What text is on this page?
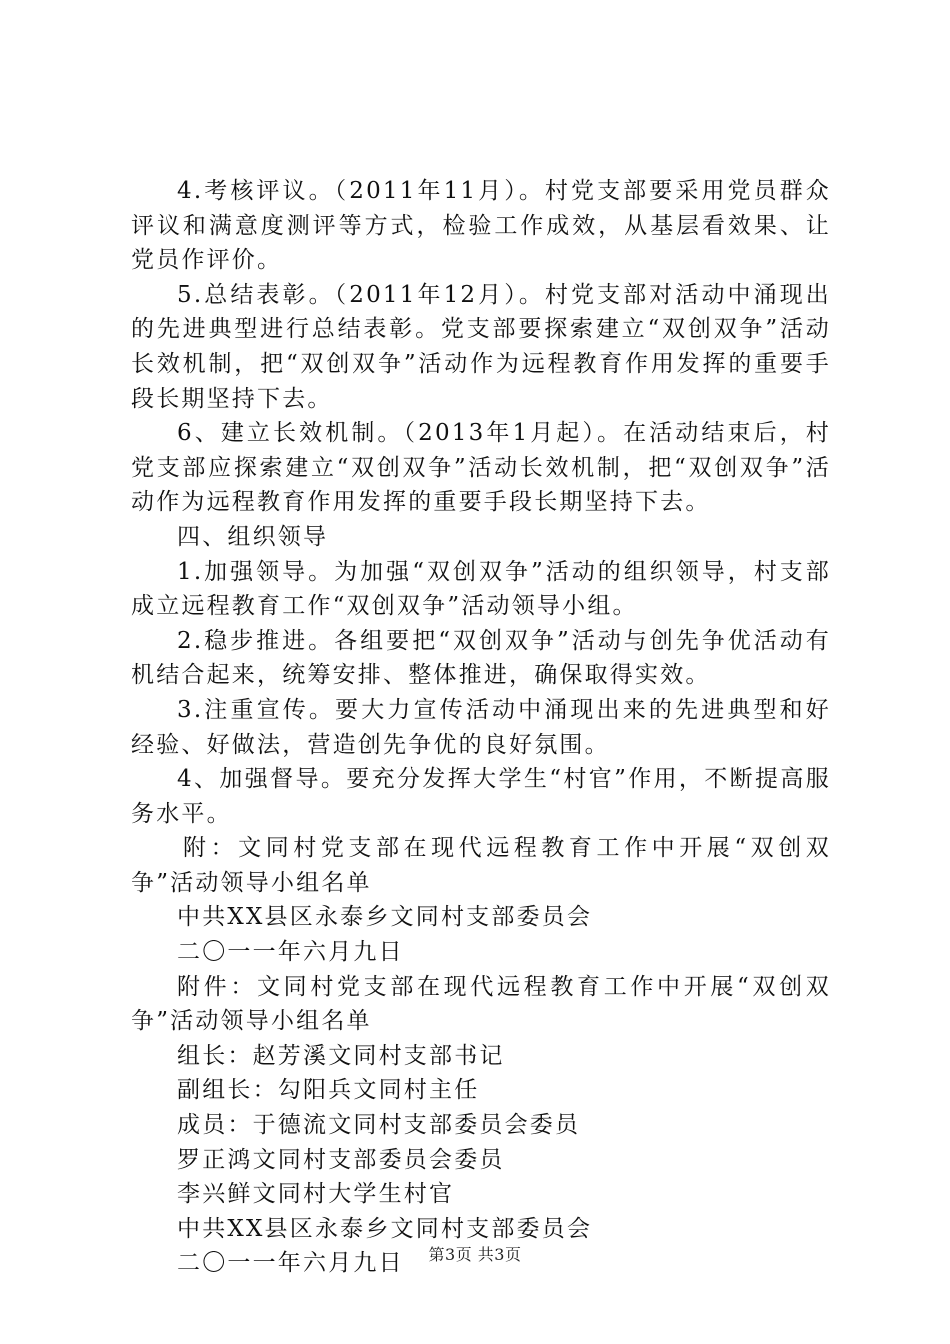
4.考核评议。（2011年11月）。村党支部要采用党员群众评议和满意度测评等方式，检验工作成效，从基层看效果、让党员作评价。

5.总结表彰。（2011年12月）。村党支部对活动中涌现出的先进典型进行总结表彰。党支部要探索建立“双创双争”活动长效机制，把“双创双争”活动作为远程教育作用发挥的重要手段长期坚持下去。

6、建立长效机制。（2013年1月起）。在活动结束后，村党支部应探索建立“双创双争”活动长效机制，把“双创双争”活动作为远程教育作用发挥的重要手段长期坚持下去。

四、组织领导

1.加强领导。为加强“双创双争”活动的组织领导，村支部成立远程教育工作“双创双争”活动领导小组。

2.稳步推进。各组要把“双创双争”活动与创先争优活动有机结合起来，统筹安排、整体推进，确保取得实效。

3.注重宣传。要大力宣传活动中涌现出来的先进典型和好经验、好做法，营造创先争优的良好氛围。

4、加强督导。要充分发挥大学生“村官”作用，不断提高服务水平。

附：文同村党支部在现代远程教育工作中开展“双创双争”活动领导小组名单

中共XX县区永泰乡文同村支部委员会

二〇一一年六月九日

附件：文同村党支部在现代远程教育工作中开展“双创双争”活动领导小组名单

组长：赵芳溪文同村支部书记

副组长：勾阳兵文同村主任

成员：于德流文同村支部委员会委员

罗正鸿文同村支部委员会委员

李兴鲜文同村大学生村官

中共XX县区永泰乡文同村支部委员会

二〇一一年六月九日	第3页 共3页
